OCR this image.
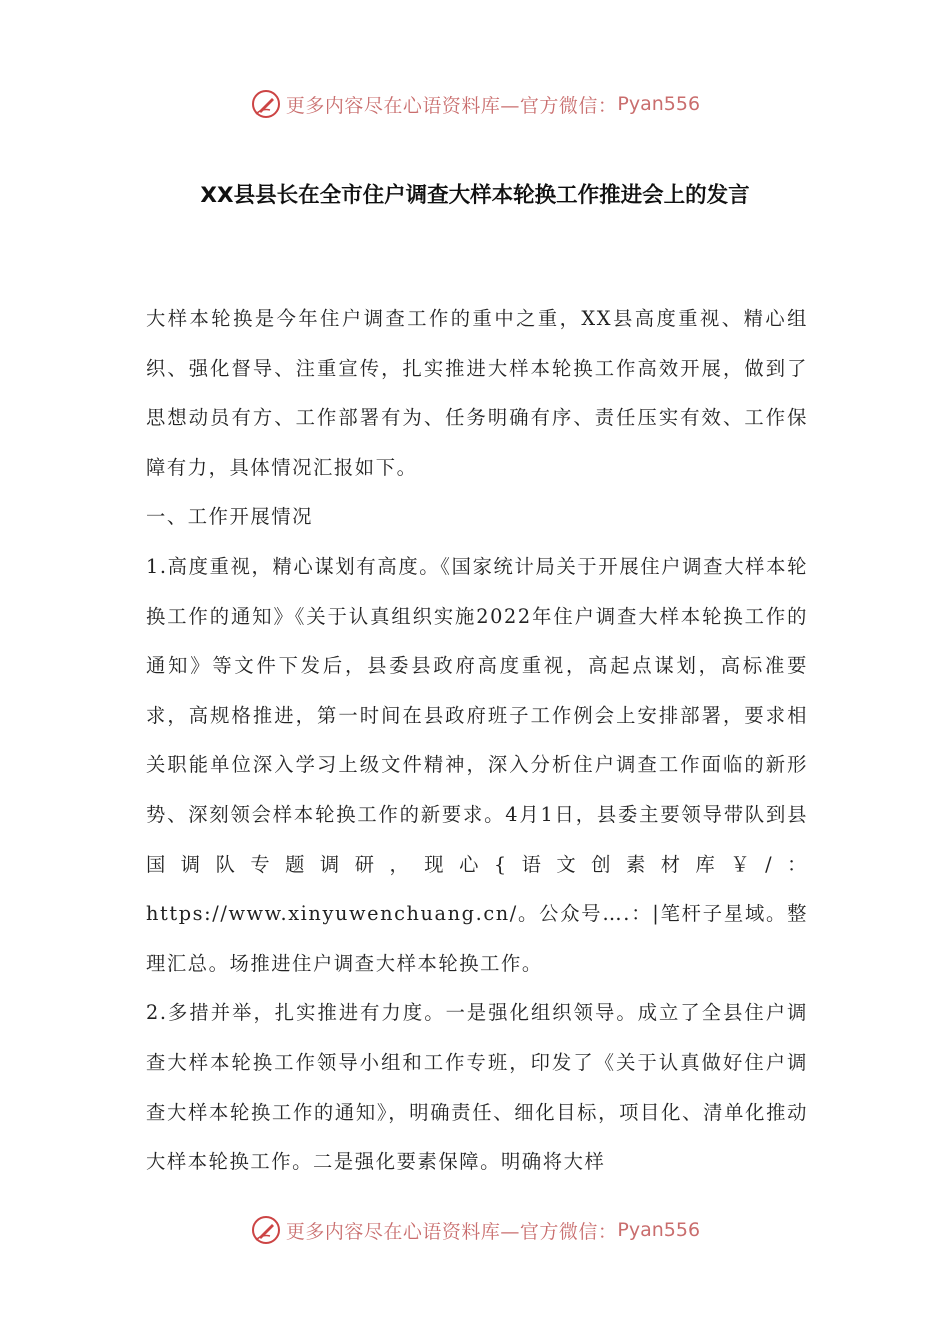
更多内容尽在心语资料库—官方微信： Pyan556
XX县县长在全市住户调查大样本轮换工作推进会上的发言

大样本轮换是今年住户调查工作的重中之重，XX县高度重视、精心组织、强化督导、注重宣传，扎实推进大样本轮换工作高效开展，做到了思想动员有方、工作部署有为、任务明确有序、责任压实有效、工作保障有力，具体情况汇报如下。

一、工作开展情况

1.高度重视，精心谋划有高度。《国家统计局关于开展住户调查大样本轮换工作的通知》《关于认真组织实施2022年住户调查大样本轮换工作的通知》等文件下发后，县委县政府高度重视，高起点谋划，高标准要求，高规格推进，第一时间在县政府班子工作例会上安排部署，要求相关职能单位深入学习上级文件精神，深入分析住户调查工作面临的新形势、深刻领会样本轮换工作的新要求。4月1日，县委主要领导带队到县国调队专题调研，现心{语文创素材库￥/：https://www.xinyuwenchuang.cn/。公众号….：|笔杆子星域。整理汇总。场推进住户调查大样本轮换工作。

2.多措并举，扎实推进有力度。一是强化组织领导。成立了全县住户调查大样本轮换工作领导小组和工作专班，印发了《关于认真做好住户调查大样本轮换工作的通知》，明确责任、细化目标，项目化、清单化推动大样本轮换工作。二是强化要素保障。明确将大样

更多内容尽在心语资料库—官方微信： Pyan556
